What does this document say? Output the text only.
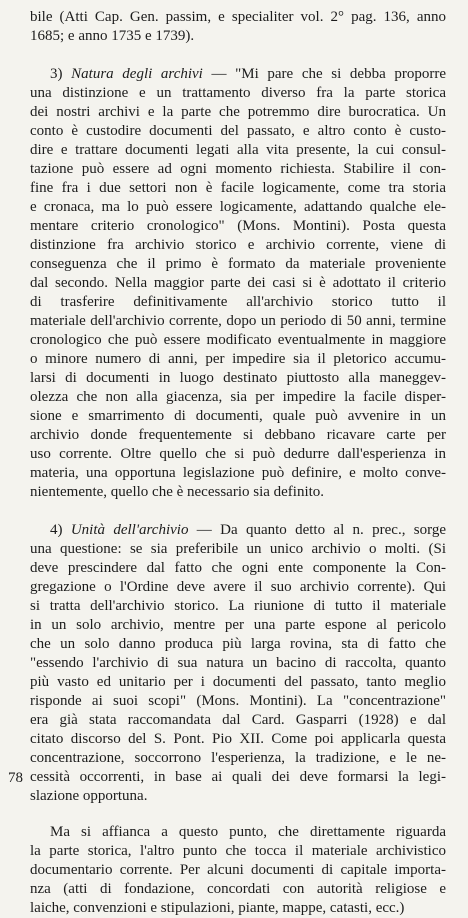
bile (Atti Cap. Gen. passim, e specialiter vol. 2° pag. 136, anno
1685; e anno 1735 e 1739).
3) Natura degli archivi — "Mi pare che si debba proporre
una distinzione e un trattamento diverso fra la parte storica
dei nostri archivi e la parte che potremmo dire burocratica. Un
conto è custodire documenti del passato, e altro conto è custo-
dire e trattare documenti legati alla vita presente, la cui consul-
tazione può essere ad ogni momento richiesta. Stabilire il con-
fine fra i due settori non è facile logicamente, come tra storia
e cronaca, ma lo può essere logicamente, adattando qualche ele-
mentare criterio cronologico" (Mons. Montini). Posta questa
distinzione fra archivio storico e archivio corrente, viene di
conseguenza che il primo è formato da materiale proveniente
dal secondo. Nella maggior parte dei casi si è adottato il criterio
di trasferire definitivamente all'archivio storico tutto il
materiale dell'archivio corrente, dopo un periodo di 50 anni, termine
cronologico che può essere modificato eventualmente in maggiore
o minore numero di anni, per impedire sia il pletorico accumu-
larsi di documenti in luogo destinato piuttosto alla maneggev-
olezza che non alla giacenza, sia per impedire la facile disper-
sione e smarrimento di documenti, quale può avvenire in un
archivio donde frequentemente si debbano ricavare carte per
uso corrente. Oltre quello che si può dedurre dall'esperienza in
materia, una opportuna legislazione può definire, e molto conve-
nientemente, quello che è necessario sia definito.
4) Unità dell'archivio — Da quanto detto al n. prec., sorge
una questione: se sia preferibile un unico archivio o molti. (Si
deve prescindere dal fatto che ogni ente componente la Con-
gregazione o l'Ordine deve avere il suo archivio corrente). Qui
si tratta dell'archivio storico. La riunione di tutto il materiale
in un solo archivio, mentre per una parte espone al pericolo
che un solo danno produca più larga rovina, sta di fatto che
"essendo l'archivio di sua natura un bacino di raccolta, quanto
più vasto ed unitario per i documenti del passato, tanto meglio
risponde ai suoi scopi" (Mons. Montini). La "concentrazione"
era già stata raccomandata dal Card. Gasparri (1928) e dal
citato discorso del S. Pont. Pio XII. Come poi applicarla questa
concentrazione, soccorrono l'esperienza, la tradizione, e le ne-
cessità occorrenti, in base ai quali dei deve formarsi la legi-
slazione opportuna.
Ma si affianca a questo punto, che direttamente riguarda
la parte storica, l'altro punto che tocca il materiale archivistico
documentario corrente. Per alcuni documenti di capitale importa-
nza (atti di fondazione, concordati con autorità religiose e
laiche, convenzioni e stipulazioni, piante, mappe, catasti, ecc.)
78
